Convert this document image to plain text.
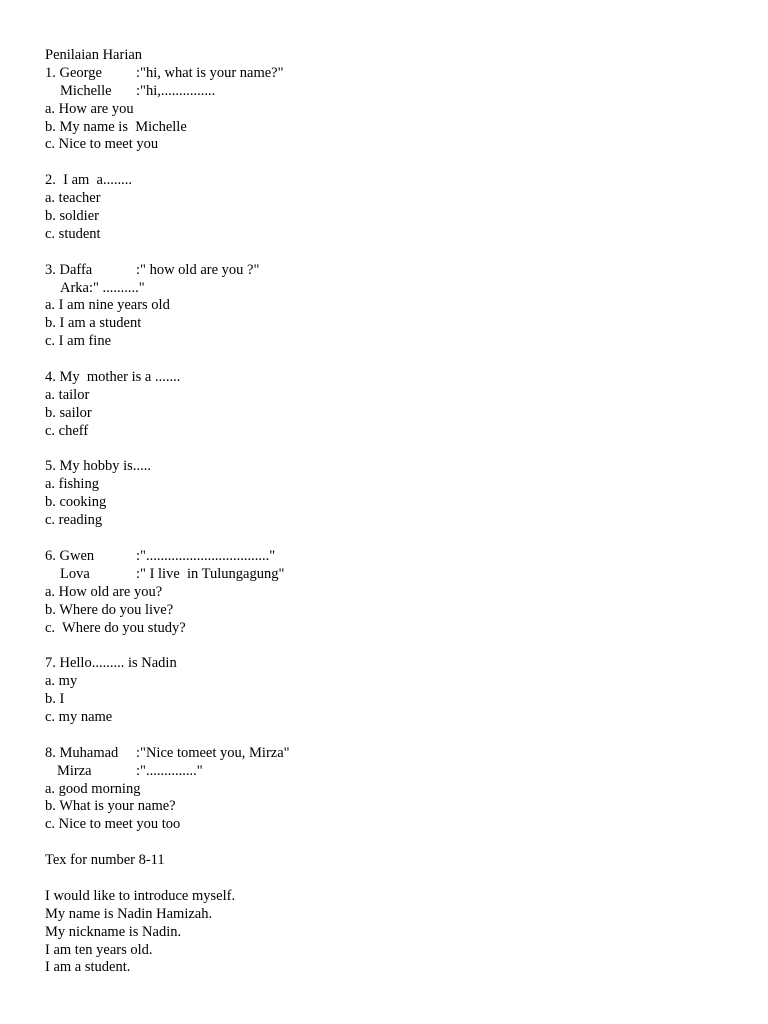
Penilaian Harian
1. George	:"hi, what is your name?"
Michelle	:"hi,...............
a. How are you
b. My name is  Michelle
c. Nice to meet you
2.  I am  a........
a. teacher
b. soldier
c. student
3. Daffa	:" how old are you ?"
Arka:" .........."
a. I am nine years old
b. I am a student
c. I am fine
4. My  mother is a .......
a. tailor
b. sailor
c. cheff
5. My hobby is.....
a. fishing
b. cooking
c. reading
6. Gwen	:".................................."
Lova	:" I live  in Tulungagung"
a. How old are you?
b. Where do you live?
c.  Where do you study?
7. Hello......... is Nadin
a. my
b. I
c. my name
8. Muhamad	:"Nice tomeet you, Mirza"
Mirza	:".............."
a. good morning
b. What is your name?
c. Nice to meet you too
Tex for number 8-11
I would like to introduce myself.
My name is Nadin Hamizah.
My nickname is Nadin.
I am ten years old.
I am a student.
